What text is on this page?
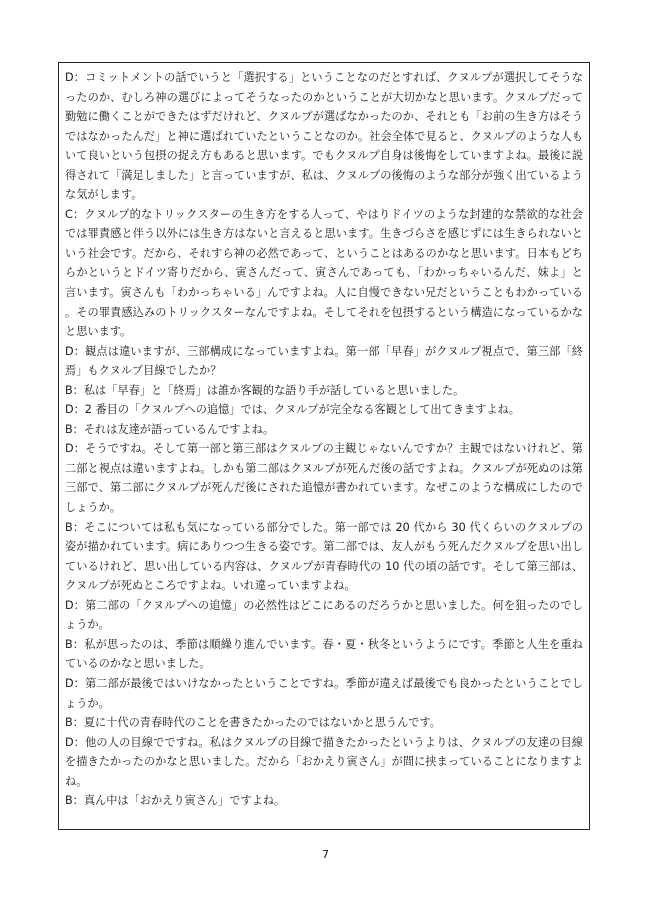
D：コミットメントの話でいうと「選択する」ということなのだとすれば、クヌルプが選択してそうなったのか、むしろ神の選びによってそうなったのかということが大切かなと思います。クヌルプだって勤勉に働くことができたはずだけれど、クヌルプが選ばなかったのか、それとも「お前の生き方はそうではなかったんだ」と神に選ばれていたということなのか。社会全体で見ると、クヌルプのような人もいて良いという包摂の捉え方もあると思います。でもクヌルプ自身は後悔をしていますよね。最後に説得されて「満足しました」と言っていますが、私は、クヌルプの後悔のような部分が強く出ているような気がします。

C：クヌルプ的なトリックスターの生き方をする人って、やはりドイツのような封建的な禁欲的な社会では罪責感と伴う以外には生き方はないと言えると思います。生きづらさを感じずには生きられないという社会です。だから、それすら神の必然であって、ということはあるのかなと思います。日本もどちらかというとドイツ寄りだから、寅さんだって、寅さんであっても、「わかっちゃいるんだ、妹よ」と言います。寅さんも「わかっちゃいる」んですよね。人に自慢できない兄だということもわかっている。その罪責感込みのトリックスターなんですよね。そしてそれを包摂するという構造になっているかなと思います。

D：観点は違いますが、三部構成になっていますよね。第一部「早春」がクヌルプ視点で、第三部「終焉」もクヌルプ目線でしたか？

B：私は「早春」と「終焉」は誰か客観的な語り手が話していると思いました。

D：2 番目の「クヌルプへの追憶」では、クヌルプが完全なる客観として出てきますよね。

B：それは友達が語っているんですよね。

D：そうですね。そして第一部と第三部はクヌルプの主観じゃないんですか？主観ではないけれど、第二部と視点は違いますよね。しかも第二部はクヌルプが死んだ後の話ですよね。クヌルプが死ぬのは第三部で、第二部にクヌルプが死んだ後にされた追憶が書かれています。なぜこのような構成にしたのでしょうか。

B：そこについては私も気になっている部分でした。第一部では 20 代から 30 代くらいのクヌルプの姿が描かれています。病にありつつ生きる姿です。第二部では、友人がもう死んだクヌルプを思い出しているけれど、思い出している内容は、クヌルプが青春時代の 10 代の頃の話です。そして第三部は、クヌルプが死ぬところですよね。いれ違っていますよね。

D：第二部の「クヌルプへの追憶」の必然性はどこにあるのだろうかと思いました。何を狙ったのでしょうか。

B：私が思ったのは、季節は順繰り進んでいます。春・夏・秋冬というようにです。季節と人生を重ねているのかなと思いました。

D：第二部が最後ではいけなかったということですね。季節が違えば最後でも良かったということでしょうか。

B：夏に十代の青春時代のことを書きたかったのではないかと思うんです。

D：他の人の目線でですね。私はクヌルプの目線で描きたかったというよりは、クヌルプの友達の目線を描きたかったのかなと思いました。だから「おかえり寅さん」が間に挟まっていることになりますよね。

B：真ん中は「おかえり寅さん」ですよね。

7
